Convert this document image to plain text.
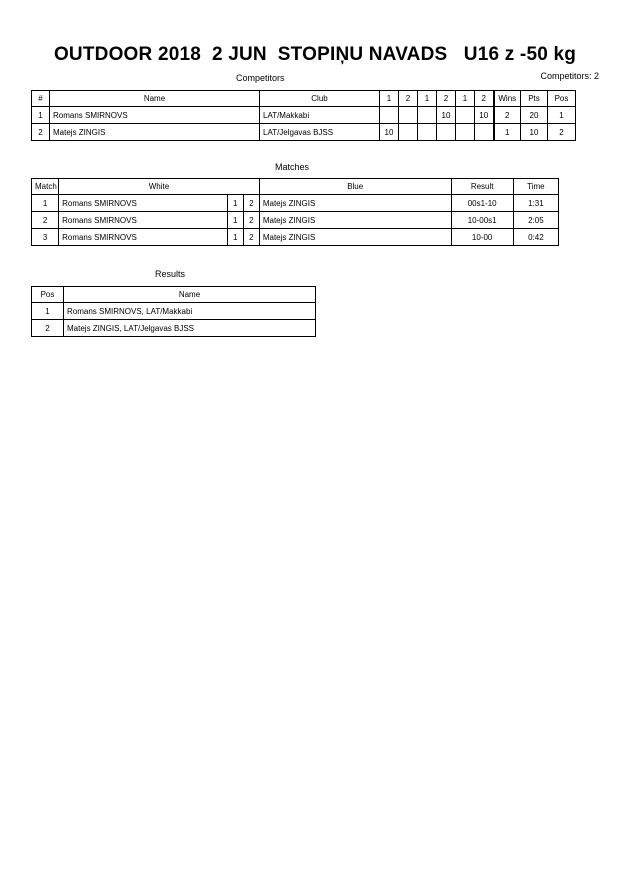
OUTDOOR 2018  2 JUN  STOPIŅU NAVADS   U16 z -50 kg
Competitors	Competitors: 2
#	Name	Club	1	2	1	2	1	2	Wins	Pts	Pos
1	Romans SMIRNOVS	LAT/Makkabi				10		10	2	20	1
2	Matejs ZINGIS	LAT/Jelgavas BJSS	10						1	10	2
Matches
Match	White			Blue	Result	Time
1	Romans SMIRNOVS	1	2	Matejs ZINGIS	00s1-10	1:31
2	Romans SMIRNOVS	1	2	Matejs ZINGIS	10-00s1	2:05
3	Romans SMIRNOVS	1	2	Matejs ZINGIS	10-00	0:42
Results
Pos	Name
1	Romans SMIRNOVS, LAT/Makkabi
2	Matejs ZINGIS, LAT/Jelgavas BJSS
